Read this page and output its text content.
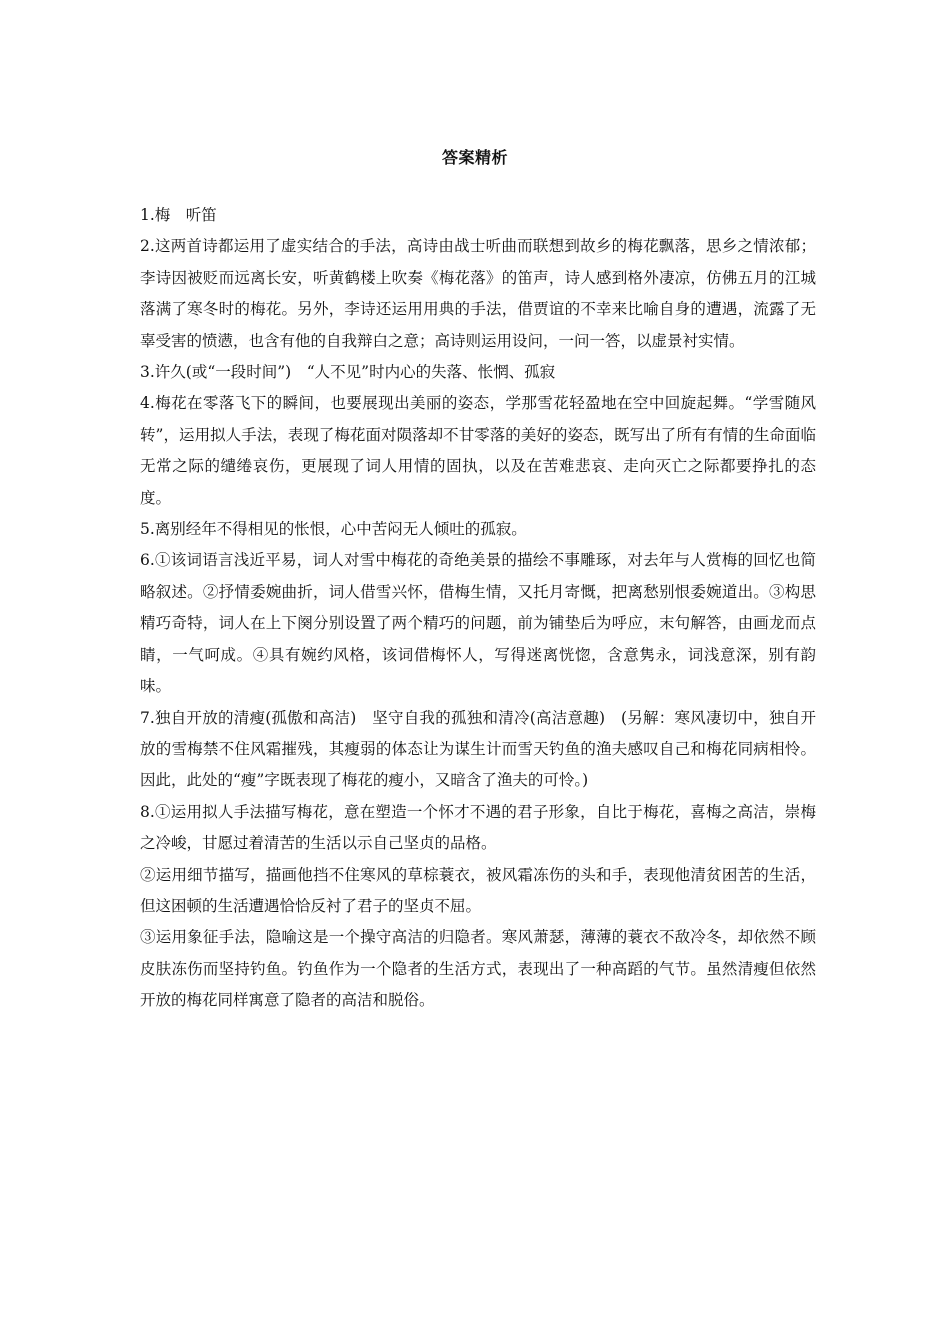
答案精析

1.梅　听笛

2.这两首诗都运用了虚实结合的手法，高诗由战士听曲而联想到故乡的梅花飘落，思乡之情浓郁；李诗因被贬而远离长安，听黄鹤楼上吹奏《梅花落》的笛声，诗人感到格外凄凉，仿佛五月的江城落满了寒冬时的梅花。另外，李诗还运用用典的手法，借贾谊的不幸来比喻自身的遭遇，流露了无辜受害的愤懑，也含有他的自我辩白之意；高诗则运用设问，一问一答，以虚景衬实情。

3.许久(或“一段时间”)　“人不见”时内心的失落、怅惘、孤寂

4.梅花在零落飞下的瞬间，也要展现出美丽的姿态，学那雪花轻盈地在空中回旋起舞。“学雪随风转”，运用拟人手法，表现了梅花面对陨落却不甘零落的美好的姿态，既写出了所有有情的生命面临无常之际的缱绻哀伤，更展现了词人用情的固执，以及在苦难悲哀、走向灭亡之际都要挣扎的态度。

5.离别经年不得相见的怅恨，心中苦闷无人倾吐的孤寂。

6.①该词语言浅近平易，词人对雪中梅花的奇绝美景的描绘不事雕琢，对去年与人赏梅的回忆也简略叙述。②抒情委婉曲折，词人借雪兴怀，借梅生情，又托月寄慨，把离愁别恨委婉道出。③构思精巧奇特，词人在上下阕分别设置了两个精巧的问题，前为铺垫后为呼应，末句解答，由画龙而点睛，一气呵成。④具有婉约风格，该词借梅怀人，写得迷离恍惚，含意隽永，词浅意深，别有韵味。

7.独自开放的清瘦(孤傲和高洁)　坚守自我的孤独和清冷(高洁意趣)　(另解：寒风凄切中，独自开放的雪梅禁不住风霜摧残，其瘦弱的体态让为谋生计而雪天钓鱼的渔夫感叹自己和梅花同病相怜。因此，此处的“瘦”字既表现了梅花的瘦小，又暗含了渔夫的可怜。)

8.①运用拟人手法描写梅花，意在塑造一个怀才不遇的君子形象，自比于梅花，喜梅之高洁，崇梅之冷峻，甘愿过着清苦的生活以示自己坚贞的品格。

②运用细节描写，描画他挡不住寒风的草棕蓑衣，被风霜冻伤的头和手，表现他清贫困苦的生活，但这困顿的生活遭遇恰恰反衬了君子的坚贞不屈。

③运用象征手法，隐喻这是一个操守高洁的归隐者。寒风萧瑟，薄薄的蓑衣不敌冷冬，却依然不顾皮肤冻伤而坚持钓鱼。钓鱼作为一个隐者的生活方式，表现出了一种高蹈的气节。虽然清瘦但依然开放的梅花同样寓意了隐者的高洁和脱俗。
